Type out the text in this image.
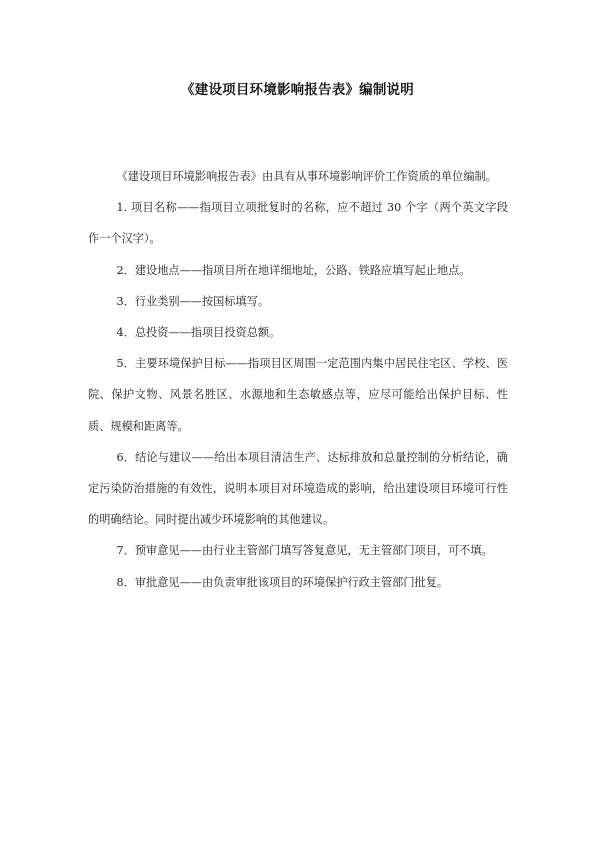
《建设项目环境影响报告表》编制说明

《建设项目环境影响报告表》由具有从事环境影响评价工作资质的单位编制。

1. 项目名称——指项目立项批复时的名称，应不超过 30 个字（两个英文字段作一个汉字）。

2．建设地点——指项目所在地详细地址，公路、铁路应填写起止地点。

3．行业类别——按国标填写。

4．总投资——指项目投资总额。

5．主要环境保护目标——指项目区周围一定范围内集中居民住宅区、学校、医院、保护文物、风景名胜区、水源地和生态敏感点等，应尽可能给出保护目标、性质、规模和距离等。

6．结论与建议——给出本项目清洁生产、达标排放和总量控制的分析结论，确定污染防治措施的有效性，说明本项目对环境造成的影响，给出建设项目环境可行性的明确结论。同时提出减少环境影响的其他建议。

7．预审意见——由行业主管部门填写答复意见，无主管部门项目，可不填。

8．审批意见——由负责审批该项目的环境保护行政主管部门批复。
